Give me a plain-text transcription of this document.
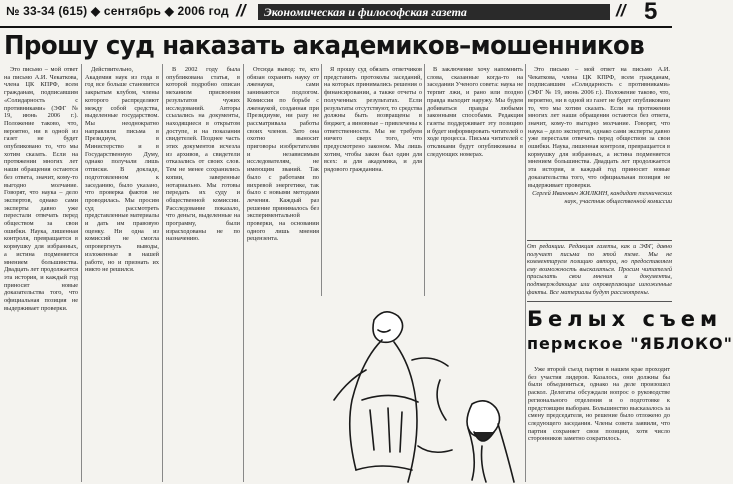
№ 33-34 (615) ◆ сентябрь ◆ 2006 год //	Экономическая и философская газета	// 5
Прошу суд наказать академиков–мошенников

Это письмо – мой ответ на письмо А.И. Чекаткова, члена ЦК КПРФ, всем гражданам, подписавшим «Солидарность с противниками» (ЭФГ № 19, июнь 2006 г.). Положение таково, что, вероятно, ни в одной из газет не будет опубликовано то, что мы хотим сказать. Если на протяжении многих лет наши обращения остаются без ответа, значит, кому-то выгодно молчание. Говорят, что наука – дело экспертов, однако сами эксперты давно уже перестали отвечать перед обществом за свои ошибки. Наука, лишенная контроля, превращается в кормушку для избранных, а истина подменяется мнением большинства. Двадцать лет продолжается эта история, и каждый год приносит новые доказательства того, что официальная позиция не выдерживает проверки.

Действительно, Академия наук из года в год все больше становится закрытым клубом, члены которого распределяют между собой средства, выделенные государством. Мы неоднократно направляли письма в Президиум, в Министерство и в Государственную Думу, однако получали лишь отписки. В докладе, подготовленном к заседанию, было указано, что проверка фактов не проводилась. Мы просим суд рассмотреть представленные материалы и дать им правовую оценку. Ни одна из комиссий не смогла опровергнуть выводы, изложенные в нашей работе, но и признать их никто не решился.

В 2002 году была опубликована статья, в которой подробно описан механизм присвоения результатов чужих исследований. Авторы ссылались на документы, находящиеся в открытом доступе, и на показания свидетелей. Позднее часть этих документов исчезла из архивов, а свидетели отказались от своих слов. Тем не менее сохранились копии, заверенные нотариально. Мы готовы передать их суду и общественной комиссии. Расследование показало, что деньги, выделенные на программу, были израсходованы не по назначению.

Отсюда вывод: те, кто обязан охранять науку от лженауки, сами занимаются подлогом. Комиссия по борьбе с лженаукой, созданная при Президиуме, ни разу не рассматривала работы своих членов. Зато она охотно выносит приговоры изобретателям и независимым исследователям, не имеющим званий. Так было с работами по вихревой энергетике, так было с новыми методами лечения. Каждый раз решение принималось без экспериментальной проверки, на основании одного лишь мнения рецензента.

Я прошу суд обязать ответчиков представить протоколы заседаний, на которых принимались решения о финансировании, а также отчеты о полученных результатах. Если результаты отсутствуют, то средства должны быть возвращены в бюджет, а виновные – привлечены к ответственности. Мы не требуем ничего сверх того, что предусмотрено законом. Мы лишь хотим, чтобы закон был один для всех: и для академика, и для рядового гражданина.

В заключение хочу напомнить слова, сказанные когда-то на заседании Ученого совета: наука не терпит лжи, и рано или поздно правда выходит наружу. Мы будем добиваться правды любыми законными способами. Редакция газеты поддерживает эту позицию и будет информировать читателей о ходе процесса. Письма читателей с откликами будут опубликованы в следующих номерах.

Это письмо – мой ответ на письмо А.И. Чекаткова, члена ЦК КПРФ, всем гражданам, подписавшим «Солидарность с противниками» (ЭФГ № 19, июнь 2006 г.). Положение таково, что, вероятно, ни в одной из газет не будет опубликовано то, что мы хотим сказать. Если на протяжении многих лет наши обращения остаются без ответа, значит, кому-то выгодно молчание. Говорят, что наука – дело экспертов, однако сами эксперты давно уже перестали отвечать перед обществом за свои ошибки. Наука, лишенная контроля, превращается в кормушку для избранных, а истина подменяется мнением большинства. Двадцать лет продолжается эта история, и каждый год приносит новые доказательства того, что официальная позиция не выдерживает проверки.

Сергей Иванович ЖИЛКИН, кандидат технических наук, участник общественной комиссии
От редакции. Редакция газеты, как и ЭФГ, давно получает письма по этой теме. Мы не комментируем позицию автора, но предоставляем ему возможность высказаться. Просим читателей присылать свои мнения и документы, подтверждающие или опровергающие изложенные факты. Все материалы будут рассмотрены.
Белых съем
пермское "ЯБЛОКО"

Уже второй съезд партии в нашем крае проходит без участия лидеров. Казалось, они должны бы были объединиться, однако на деле произошел раскол. Делегаты обсуждали вопрос о руководстве регионального отделения и о подготовке к предстоящим выборам. Большинство высказалось за смену председателя, но решение было отложено до следующего заседания. Члены совета заявили, что партия сохраняет свои позиции, хотя число сторонников заметно сократилось.
